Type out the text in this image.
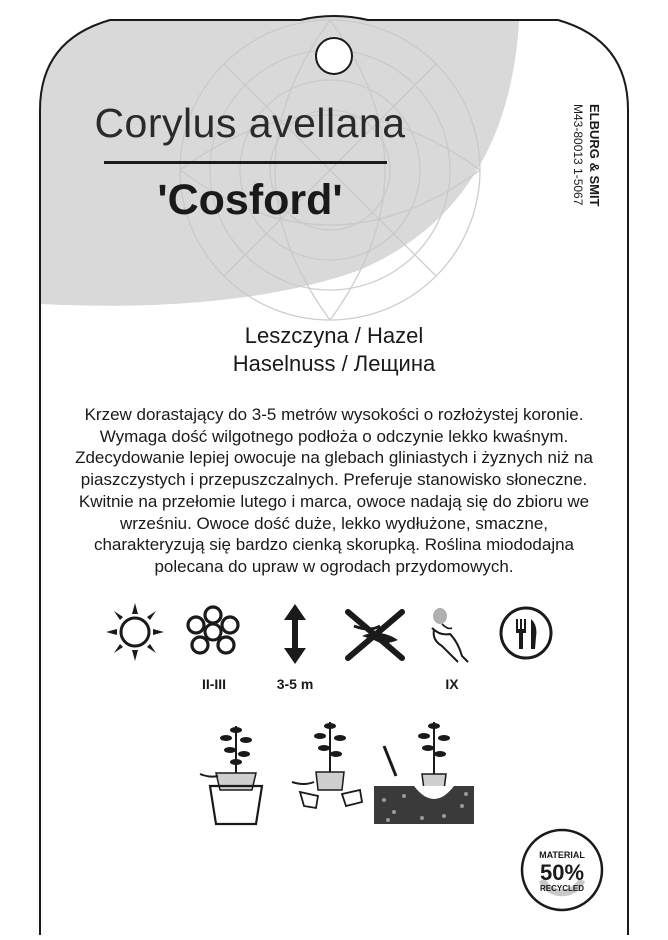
Corylus avellana
'Cosford'	ELBURG & SMIT
M43-80013 1-5067
Leszczyna / Hazel
Haselnuss / Лещина
Krzew dorastający do 3-5 metrów wysokości o rozłożystej koronie. Wymaga dość wilgotnego podłoża o odczynie lekko kwaśnym. Zdecydowanie lepiej owocuje na glebach gliniastych i żyznych niż na piaszczystych i przepuszczalnych. Preferuje stanowisko słoneczne. Kwitnie na przełomie lutego i marca, owoce nadają się do zbioru we wrześniu. Owoce dość duże, lekko wydłużone, smaczne, charakteryzują się bardzo cienką skorupką. Roślina miododajna polecana do upraw w ogrodach przydomowych.
II-III	3-5 m	IX
MATERIAL
50%
RECYCLED
